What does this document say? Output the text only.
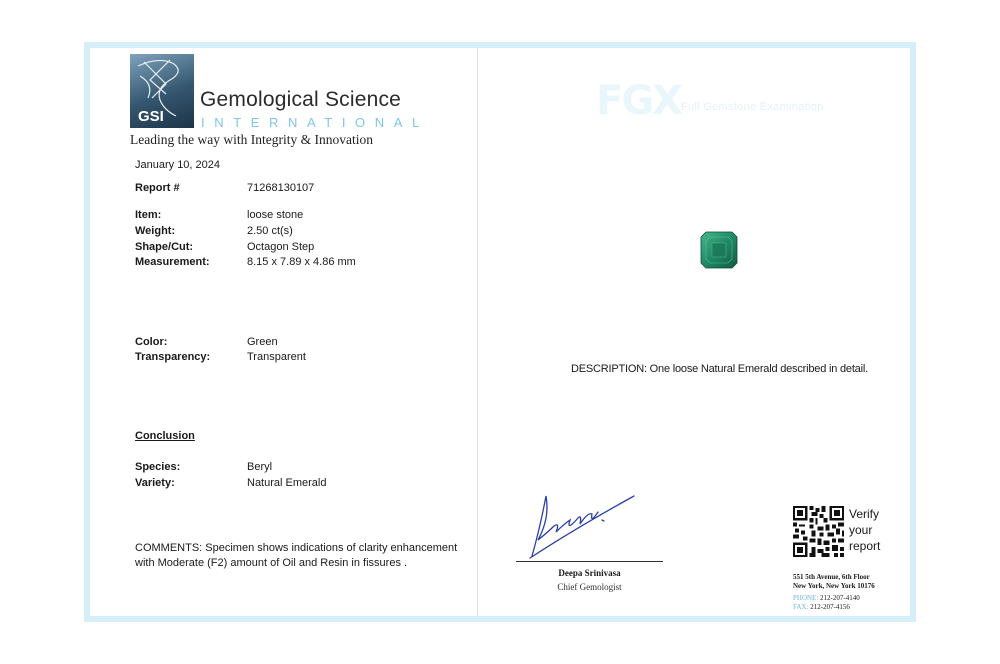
GSI
Gemological Science
INTERNATIONAL
Leading the way with Integrity & Innovation
January 10, 2024
Report #	71268130107
Item:	loose stone
Weight:	2.50 ct(s)
Shape/Cut:	Octagon Step
Measurement:	8.15 x 7.89 x 4.86 mm
Color:	Green
Transparency:	Transparent
Conclusion
Species:	Beryl
Variety:	Natural Emerald
COMMENTS: Specimen shows indications of clarity enhancement with Moderate (F2) amount of Oil and Resin in fissures .
FGX Full Gemstone Examination
DESCRIPTION: One loose Natural Emerald described in detail.
Deepa Srinivasa
Chief Gemologist
Verify
your
report
551 5th Avenue, 6th Floor
New York, New York 10176
PHONE: 212-207-4140
FAX: 212-207-4156
